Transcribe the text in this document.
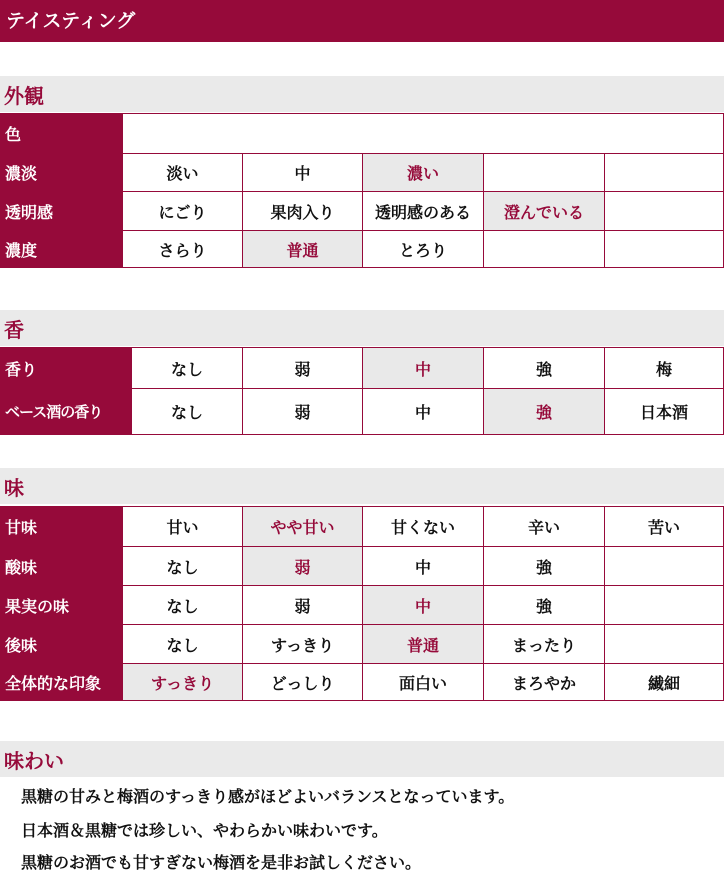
テイスティング
外観
色					
濃淡	淡い	中	濃い		
透明感	にごり	果肉入り	透明感のある	澄んでいる	
濃度	さらり	普通	とろり		
香
香り	なし	弱	中	強	梅
ベース酒の香り	なし	弱	中	強	日本酒
味
甘味	甘い	やや甘い	甘くない	辛い	苦い
酸味	なし	弱	中	強	
果実の味	なし	弱	中	強	
後味	なし	すっきり	普通	まったり	
全体的な印象	すっきり	どっしり	面白い	まろやか	繊細
味わい
黒糖の甘みと梅酒のすっきり感がほどよいバランスとなっています。
日本酒＆黒糖では珍しい、やわらかい味わいです。
黒糖のお酒でも甘すぎない梅酒を是非お試しください。
